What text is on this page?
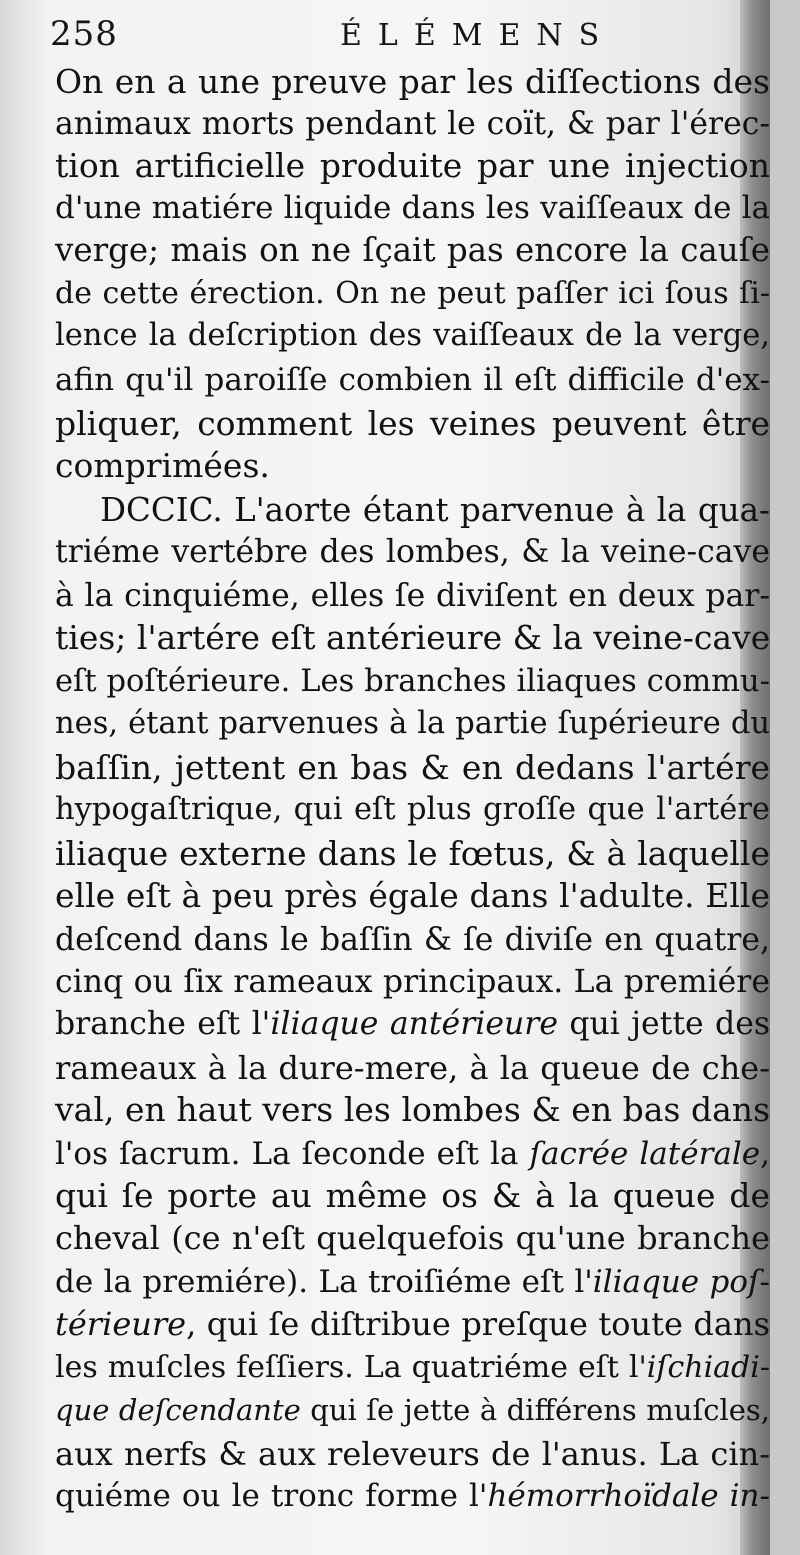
258	ÉLÉMENS
On en a une preuve par les diſſections des
animaux morts pendant le coït, & par l'érec-
tion artificielle produite par une injection
d'une matiére liquide dans les vaiſſeaux de la
verge; mais on ne ſçait pas encore la cauſe
de cette érection. On ne peut paſſer ici ſous ſi-
lence la deſcription des vaiſſeaux de la verge,
afin qu'il paroiſſe combien il eſt difficile d'ex-
pliquer, comment les veines peuvent être
comprimées.
DCCIC. L'aorte étant parvenue à la qua-
triéme vertébre des lombes, & la veine-cave
à la cinquiéme, elles ſe diviſent en deux par-
ties; l'artére eſt antérieure & la veine-cave
eſt poſtérieure. Les branches iliaques commu-
nes, étant parvenues à la partie ſupérieure du
baſſin, jettent en bas & en dedans l'artére
hypogaſtrique, qui eſt plus groſſe que l'artére
iliaque externe dans le fœtus, & à laquelle
elle eſt à peu près égale dans l'adulte. Elle
deſcend dans le baſſin & ſe diviſe en quatre,
cinq ou ſix rameaux principaux. La premiére
branche eſt l'iliaque antérieure qui jette des
rameaux à la dure-mere, à la queue de che-
val, en haut vers les lombes & en bas dans
l'os ſacrum. La ſeconde eſt la ſacrée latérale,
qui ſe porte au même os & à la queue de
cheval (ce n'eſt quelquefois qu'une branche
de la premiére). La troiſiéme eſt l'iliaque poſ-
térieure, qui ſe diſtribue preſque toute dans
les muſcles feſſiers. La quatriéme eſt l'iſchiadi-
que deſcendante qui ſe jette à différens muſcles,
aux nerfs & aux releveurs de l'anus. La cin-
quiéme ou le tronc forme l'hémorrhoïdale in-
